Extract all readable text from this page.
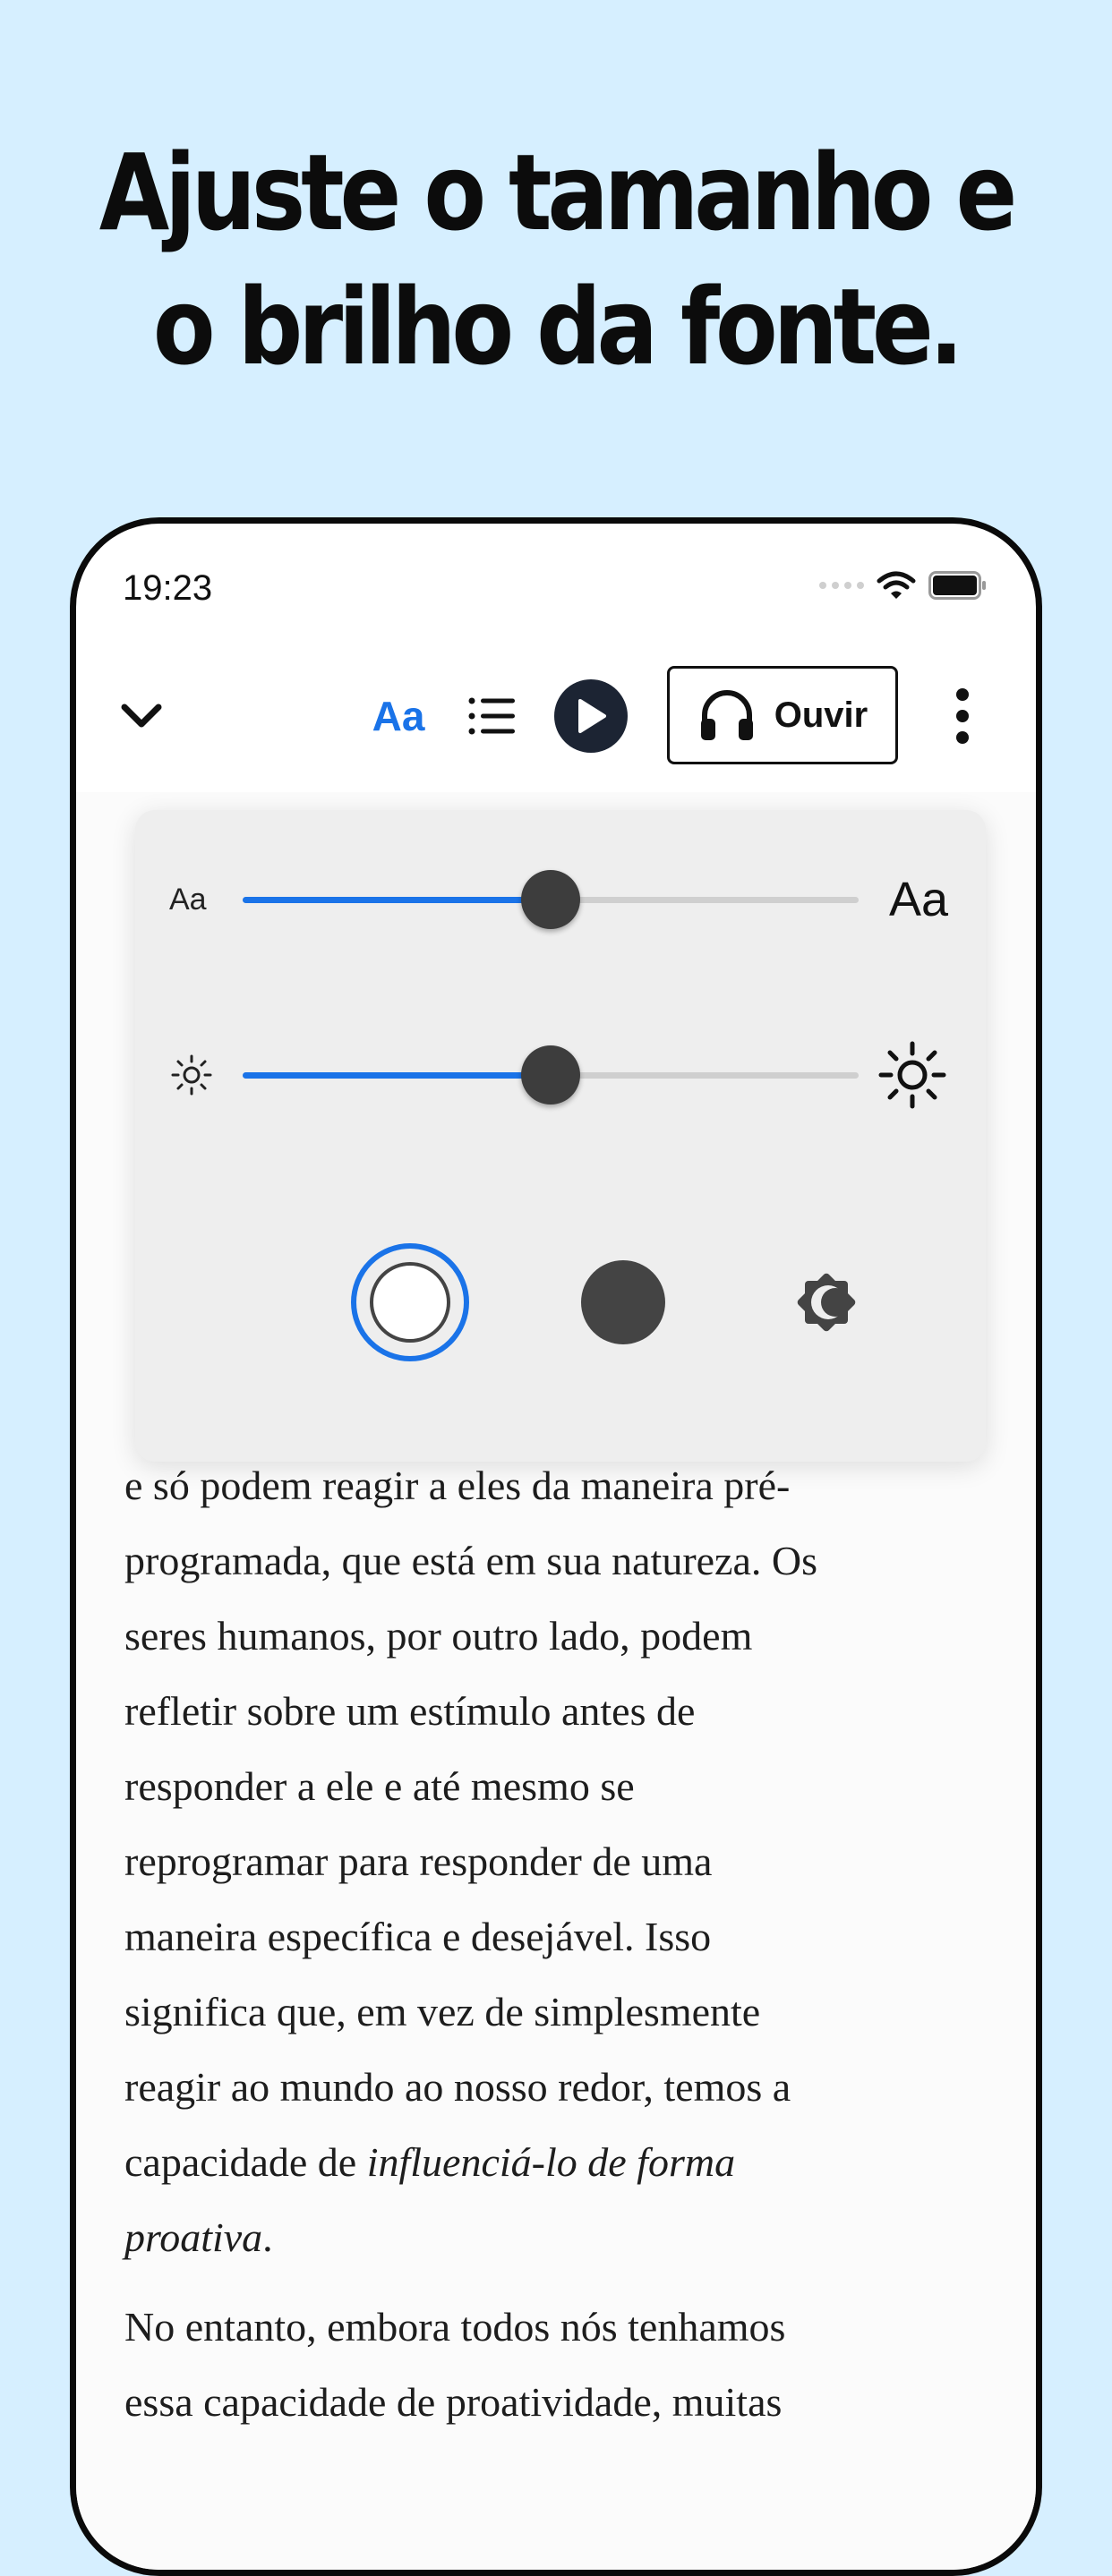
Ajuste o tamanho e
o brilho da fonte.
19:23
Aa	Ouvir
e só podem reagir a eles da maneira pré-
programada, que está em sua natureza. Os
seres humanos, por outro lado, podem
refletir sobre um estímulo antes de
responder a ele e até mesmo se
reprogramar para responder de uma
maneira específica e desejável. Isso
significa que, em vez de simplesmente
reagir ao mundo ao nosso redor, temos a
capacidade de influenciá-lo de forma
proativa.
No entanto, embora todos nós tenhamos
essa capacidade de proatividade, muitas
Aa	Aa
